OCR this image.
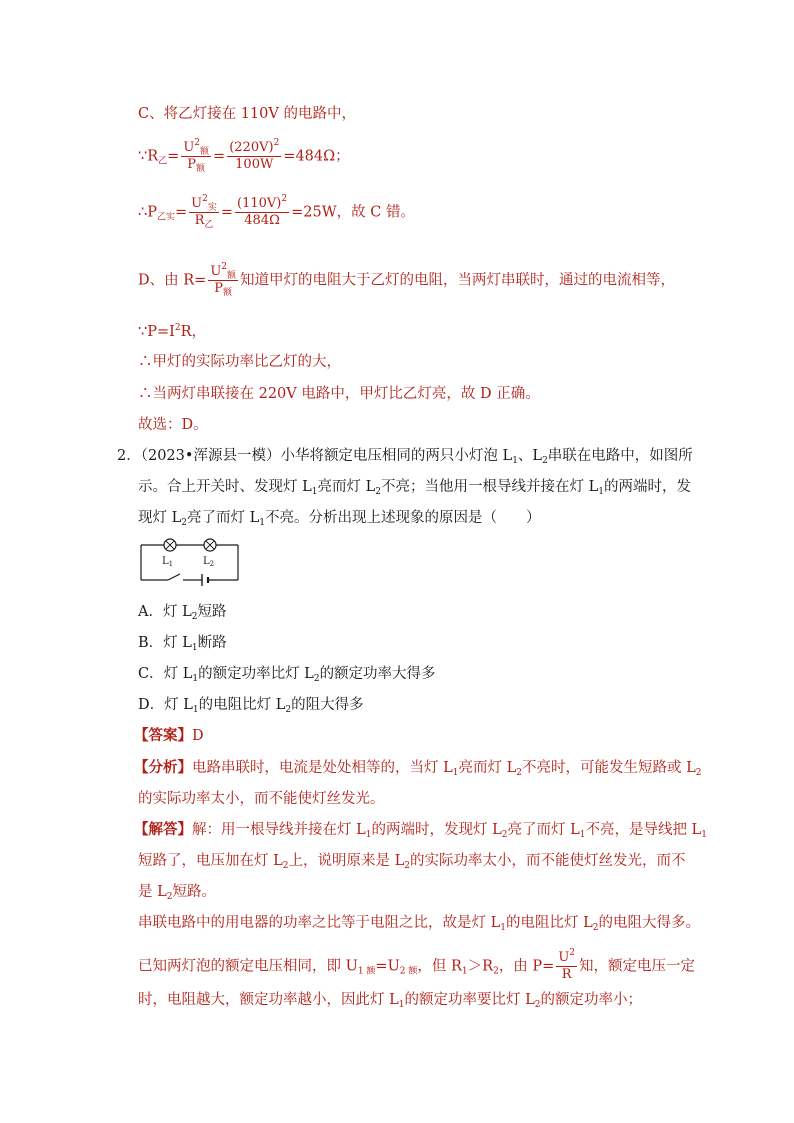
C、将乙灯接在 110V 的电路中，
$\because R_乙= \frac{U^2_额}{P_额} = \frac{(220V)^2}{100W} =484\Omega$；
$\therefore P_{乙实}= \frac{U^2_实}{R_乙} = \frac{(110V)^2}{484\Omega} =25W$，故 C 错。
D、由 $R= \frac{U^2_额}{P_额}$ 知道甲灯的电阻大于乙灯的电阻，当两灯串联时，通过的电流相等，
$\because P=I^2R$，
∴甲灯的实际功率比乙灯的大，
∴当两灯串联接在 220V 电路中，甲灯比乙灯亮，故 D 正确。
故选：D。
2．（2023•浑源县一模）小华将额定电压相同的两只小灯泡 $L_1$、$L_2$串联在电路中，如图所
示。合上开关时、发现灯 $L_1$亮而灯 $L_2$不亮；当他用一根导线并接在灯 $L_1$的两端时，发
现灯 $L_2$亮了而灯 $L_1$不亮。分析出现上述现象的原因是（　　）
$L_1$	$L_2$
A．灯 $L_2$短路
B．灯 $L_1$断路
C．灯 $L_1$的额定功率比灯 $L_2$的额定功率大得多
D．灯 $L_1$的电阻比灯 $L_2$的阻大得多
【答案】D
【分析】电路串联时，电流是处处相等的，当灯 $L_1$亮而灯 $L_2$不亮时，可能发生短路或 $L_2$
的实际功率太小，而不能使灯丝发光。
【解答】解：用一根导线并接在灯 $L_1$的两端时，发现灯 $L_2$亮了而灯 $L_1$不亮，是导线把 $L_1$
短路了，电压加在灯 $L_2$上，说明原来是 $L_2$的实际功率太小，而不能使灯丝发光，而不
是 $L_2$短路。
串联电路中的用电器的功率之比等于电阻之比，故是灯 $L_1$的电阻比灯 $L_2$的电阻大得多。
已知两灯泡的额定电压相同，即 $U_{1 额}=U_{2 额}$，但 $R_1>R_2$，由 $P= \frac{U^2}{R}$ 知，额定电压一定
时，电阻越大，额定功率越小，因此灯 $L_1$的额定功率要比灯 $L_2$的额定功率小；
